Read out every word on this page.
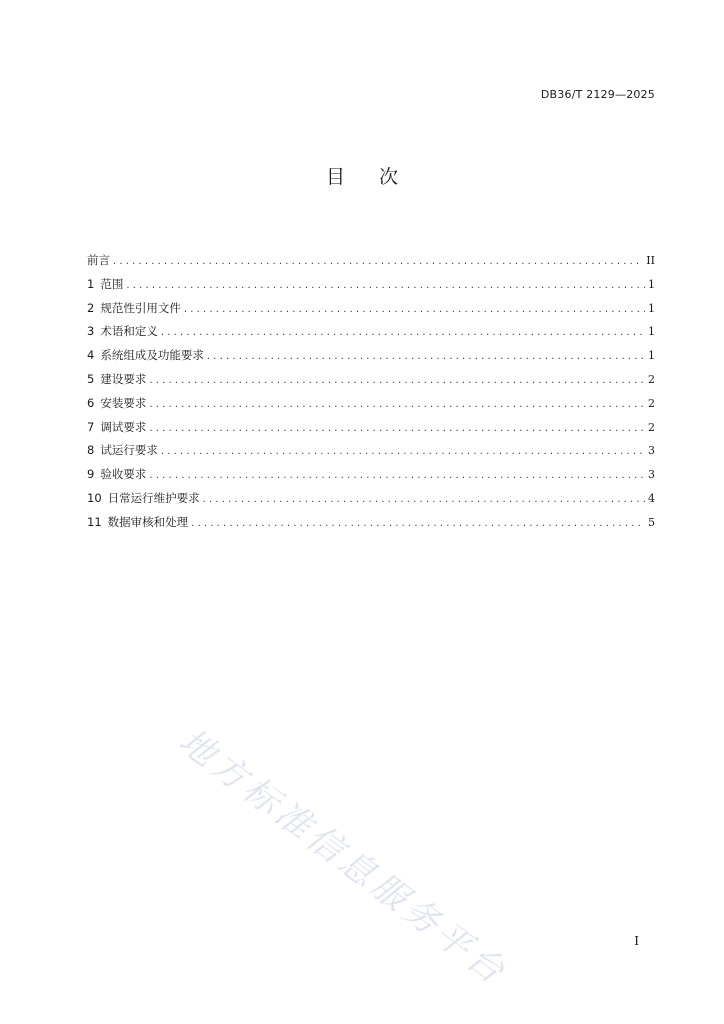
DB36/T 2129—2025
目次
前言 .....	II
1 范围 .....	1
2 规范性引用文件 .....	1
3 术语和定义 .....	1
4 系统组成及功能要求 .....	1
5 建设要求 .....	2
6 安装要求 .....	2
7 调试要求 .....	2
8 试运行要求 .....	3
9 验收要求 .....	3
10 日常运行维护要求 .....	4
11 数据审核和处理 .....	5
地方标准信息服务平台	I
